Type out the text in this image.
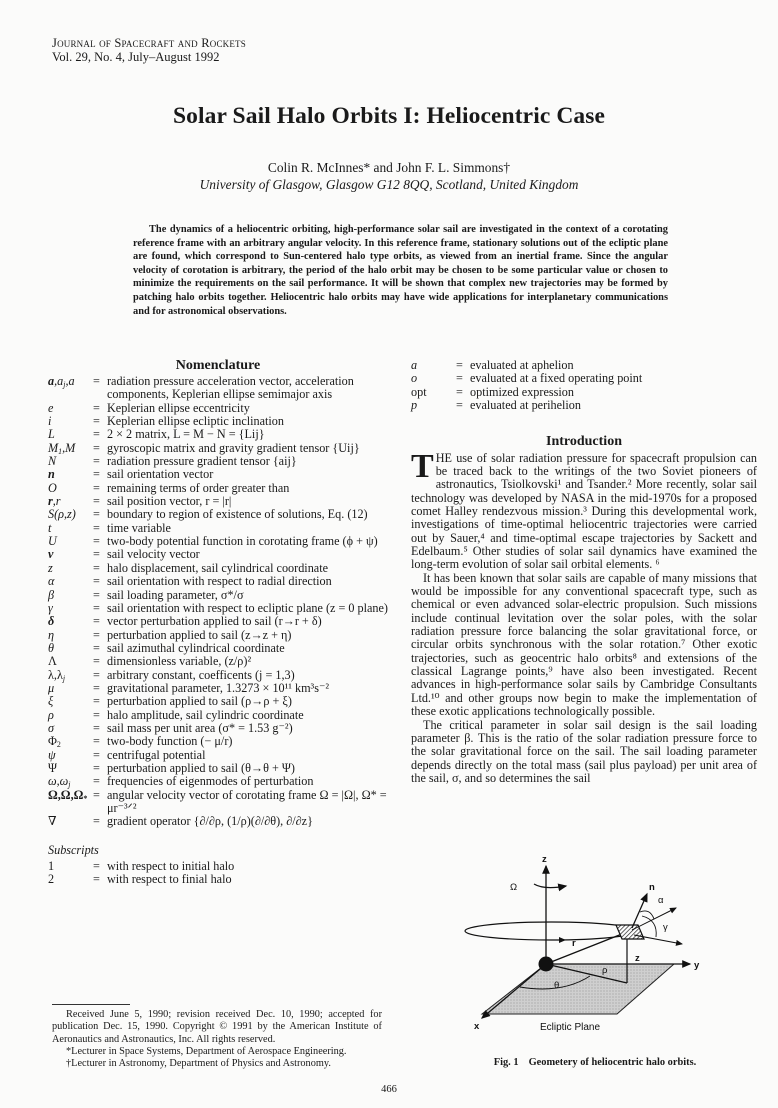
Journal of Spacecraft and Rockets
Vol. 29, No. 4, July–August 1992
Solar Sail Halo Orbits I: Heliocentric Case
Colin R. McInnes* and John F. L. Simmons†
University of Glasgow, Glasgow G12 8QQ, Scotland, United Kingdom

The dynamics of a heliocentric orbiting, high-performance solar sail are investigated in the context of a corotating reference frame with an arbitrary angular velocity. In this reference frame, stationary solutions out of the ecliptic plane are found, which correspond to Sun-centered halo type orbits, as viewed from an inertial frame. Since the angular velocity of corotation is arbitrary, the period of the halo orbit may be chosen to be some particular value or chosen to minimize the requirements on the sail performance. It will be shown that complex new trajectories may be formed by patching halo orbits together. Heliocentric halo orbits may have wide applications for interplanetary communications and for astronomical observations.

Nomenclature
$a,a_j,a$	= radiation pressure acceleration vector, acceleration components, Keplerian ellipse semimajor axis
e	= Keplerian ellipse eccentricity
i	= Keplerian ellipse ecliptic inclination
L	= 2 × 2 matrix, L = M − N = {Lij}
$M_1,M$	= gyroscopic matrix and gravity gradient tensor {Uij}
N	= radiation pressure gradient tensor {aij}
n	= sail orientation vector
O	= remaining terms of order greater than
r,r	= sail position vector, r = |r|
S(ρ,z)	= boundary to region of existence of solutions, Eq. (12)
t	= time variable
U	= two-body potential function in corotating frame (ϕ + ψ)
v	= sail velocity vector
z	= halo displacement, sail cylindrical coordinate
α	= sail orientation with respect to radial direction
β	= sail loading parameter, σ*/σ
γ	= sail orientation with respect to ecliptic plane (z = 0 plane)
δ	= vector perturbation applied to sail (r→r + δ)
η	= perturbation applied to sail (z→z + η)
θ	= sail azimuthal cylindrical coordinate
Λ	= dimensionless variable, (z/ρ)²
$\lambda,\lambda_j$	= arbitrary constant, coefficents (j = 1,3)
μ	= gravitational parameter, 1.3273 × 10¹¹ km³s⁻²
ξ	= perturbation applied to sail (ρ→ρ + ξ)
ρ	= halo amplitude, sail cylindric coordinate
σ	= sail mass per unit area (σ* = 1.53 g⁻²)
$\Phi_2$	= two-body function (− μ/r)
ψ	= centrifugal potential
Ψ	= perturbation applied to sail (θ→θ + Ψ)
$\omega,\omega_j$	= frequencies of eigenmodes of perturbation
$\Omega,\Omega,\Omega_*$ = angular velocity vector of corotating frame Ω = |Ω|, Ω* = μr⁻³ᐟ²
∇	= gradient operator {∂/∂ρ, (1/ρ)(∂/∂θ), ∂/∂z}
Subscripts
1	= with respect to initial halo
2	= with respect to finial halo

Received June 5, 1990; revision received Dec. 10, 1990; accepted for publication Dec. 15, 1990. Copyright © 1991 by the American Institute of Aeronautics and Astronautics, Inc. All rights reserved.

*Lecturer in Space Systems, Department of Aerospace Engineering.

†Lecturer in Astronomy, Department of Physics and Astronomy.

a	= evaluated at aphelion
o	= evaluated at a fixed operating point
opt	= optimized expression
p	= evaluated at perihelion
Introduction

THE use of solar radiation pressure for spacecraft propulsion can be traced back to the writings of the two Soviet pioneers of astronautics, Tsiolkovski¹ and Tsander.² More recently, solar sail technology was developed by NASA in the mid-1970s for a proposed comet Halley rendezvous mission.³ During this developmental work, investigations of time-optimal heliocentric trajectories were carried out by Sauer,⁴ and time-optimal escape trajectories by Sackett and Edelbaum.⁵ Other studies of solar sail dynamics have examined the long-term evolution of solar sail orbital elements. ⁶

It has been known that solar sails are capable of many missions that would be impossible for any conventional spacecraft type, such as chemical or even advanced solar-electric propulsion. Such missions include continual levitation over the solar poles, with the solar radiation pressure force balancing the solar gravitational force, or circular orbits synchronous with the solar rotation.⁷ Other exotic trajectories, such as geocentric halo orbits⁸ and extensions of the classical Lagrange points,⁹ have also been investigated. Recent advances in high-performance solar sails by Cambridge Consultants Ltd.¹⁰ and other groups now begin to make the implementation of these exotic applications technologically possible.

The critical parameter in solar sail design is the sail loading parameter β. This is the ratio of the solar radiation pressure force to the solar gravitational force on the sail. The sail loading parameter depends directly on the total mass (sail plus payload) per unit area of the sail, σ, and so determines the sail

z
Ω	n
α
γ
r
z
y
ρ
θ
x	Ecliptic Plane
Fig. 1 Geometery of heliocentric halo orbits.
466
